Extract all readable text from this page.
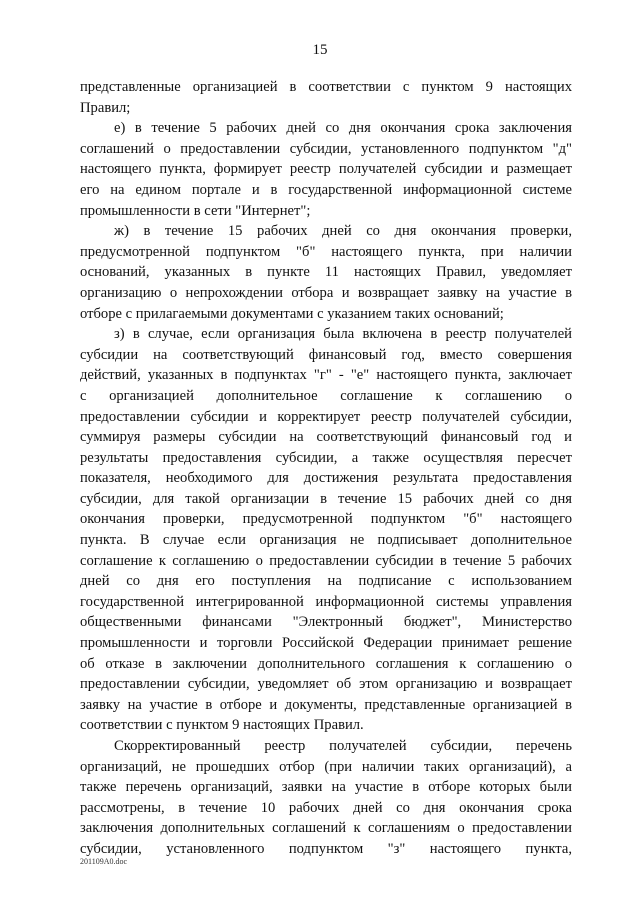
15
представленные организацией в соответствии с пунктом 9 настоящих
Правил;
е) в течение 5 рабочих дней со дня окончания срока заключения
соглашений о предоставлении субсидии, установленного подпунктом "д"
настоящего пункта, формирует реестр получателей субсидии и размещает
его на едином портале и в государственной информационной системе
промышленности в сети "Интернет";
ж) в течение 15 рабочих дней со дня окончания проверки,
предусмотренной подпунктом "б" настоящего пункта, при наличии
оснований, указанных в пункте 11 настоящих Правил, уведомляет
организацию о непрохождении отбора и возвращает заявку на участие в
отборе с прилагаемыми документами с указанием таких оснований;
з) в случае, если организация была включена в реестр получателей
субсидии на соответствующий финансовый год, вместо совершения
действий, указанных в подпунктах "г" - "е" настоящего пункта, заключает
с организацией дополнительное соглашение к соглашению о
предоставлении субсидии и корректирует реестр получателей субсидии,
суммируя размеры субсидии на соответствующий финансовый год и
результаты предоставления субсидии, а также осуществляя пересчет
показателя, необходимого для достижения результата предоставления
субсидии, для такой организации в течение 15 рабочих дней со дня
окончания проверки, предусмотренной подпунктом "б" настоящего
пункта. В случае если организация не подписывает дополнительное
соглашение к соглашению о предоставлении субсидии в течение 5 рабочих
дней со дня его поступления на подписание с использованием
государственной интегрированной информационной системы управления
общественными финансами "Электронный бюджет", Министерство
промышленности и торговли Российской Федерации принимает решение
об отказе в заключении дополнительного соглашения к соглашению о
предоставлении субсидии, уведомляет об этом организацию и возвращает
заявку на участие в отборе и документы, представленные организацией в
соответствии с пунктом 9 настоящих Правил.
Скорректированный реестр получателей субсидии, перечень
организаций, не прошедших отбор (при наличии таких организаций), а
также перечень организаций, заявки на участие в отборе которых были
рассмотрены, в течение 10 рабочих дней со дня окончания срока
заключения дополнительных соглашений к соглашениям о предоставлении
субсидии, установленного подпунктом "з" настоящего пункта,
201109A0.doc
